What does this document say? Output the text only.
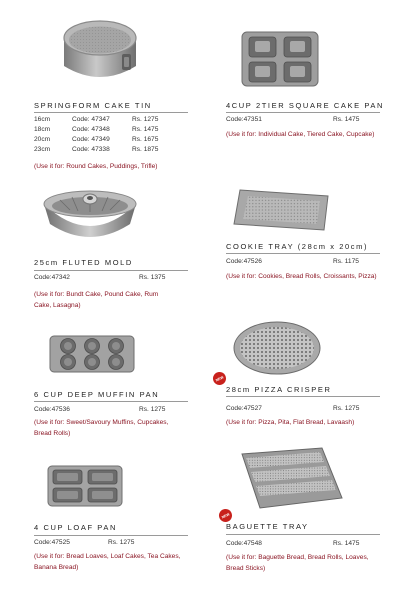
SPRINGFORM CAKE TIN
16cm	Code: 47347	Rs. 1275
18cm	Code: 47348	Rs. 1475
20cm	Code: 47349	Rs. 1675
23cm	Code: 47338	Rs. 1875
(Use it for: Round Cakes, Puddings, Trifle)
4CUP 2TIER SQUARE CAKE PAN
Code:47351	Rs. 1475
(Use it for: Individual Cake, Tiered Cake, Cupcake)
25cm FLUTED MOLD
Code:47342	Rs. 1375
(Use it for: Bundt Cake, Pound Cake, Rum Cake, Lasagna)
COOKIE TRAY (28cm x 20cm)
Code:47526	Rs. 1175
(Use it for: Cookies, Bread Rolls, Croissants, Pizza)
6 CUP DEEP MUFFIN PAN
Code:47536	Rs. 1275
(Use it for: Sweet/Savoury Muffins, Cupcakes, Bread Rolls)
NEW
28cm PIZZA CRISPER
Code:47527	Rs. 1275
(Use it for: Pizza, Pita, Flat Bread, Lavaash)
4 CUP LOAF PAN
Code:47525	Rs. 1275
(Use it for: Bread Loaves, Loaf Cakes, Tea Cakes, Banana Bread)
NEW
BAGUETTE TRAY
Code:47548	Rs. 1475
(Use it for: Baguette Bread, Bread Rolls, Loaves, Bread Sticks)
